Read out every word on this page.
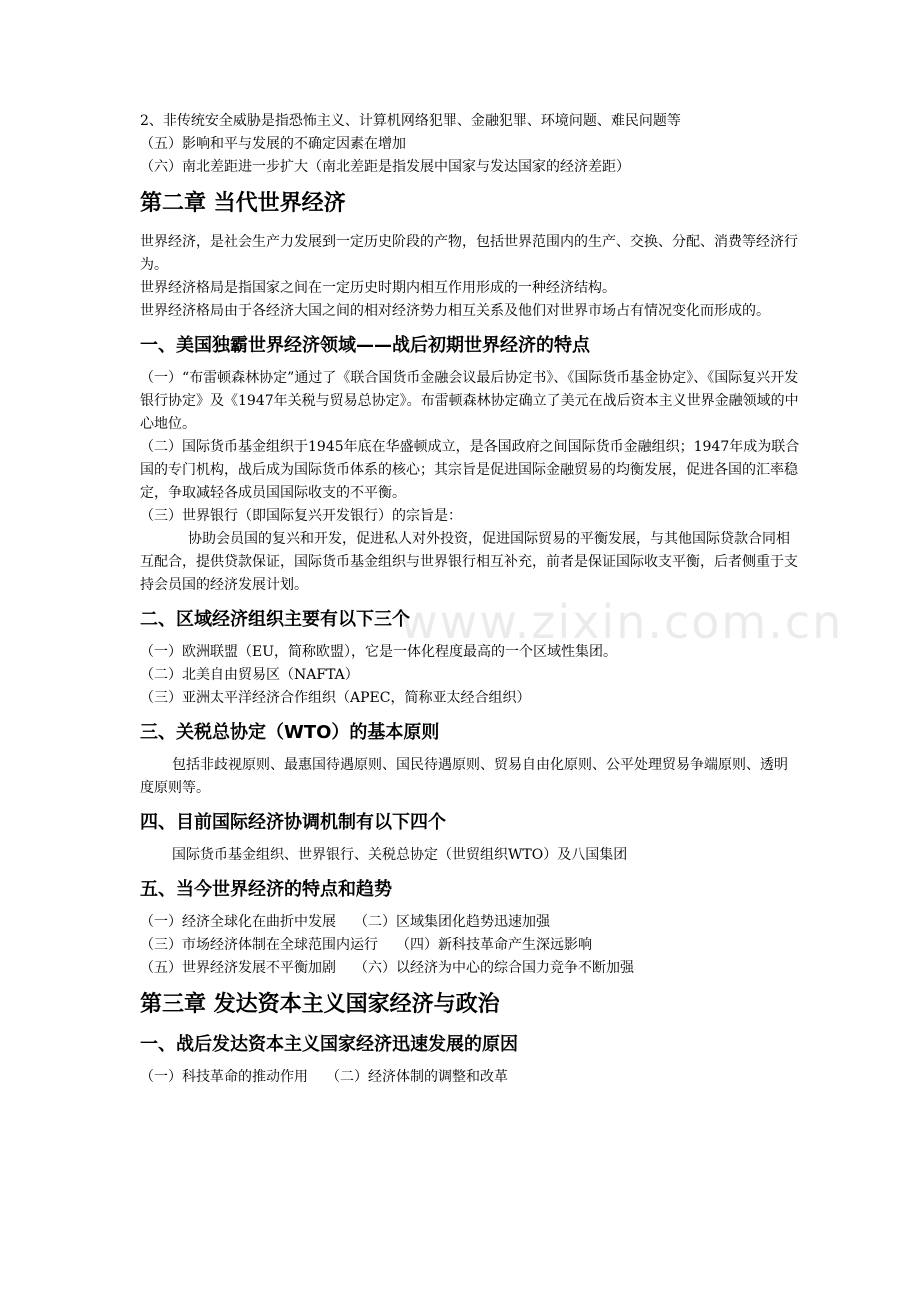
www.zixin.com.cn

2、非传统安全威胁是指恐怖主义、计算机网络犯罪、金融犯罪、环境问题、难民问题等

（五）影响和平与发展的不确定因素在增加

（六）南北差距进一步扩大（南北差距是指发展中国家与发达国家的经济差距）

第二章 当代世界经济

世界经济，是社会生产力发展到一定历史阶段的产物，包括世界范围内的生产、交换、分配、消费等经济行为。

世界经济格局是指国家之间在一定历史时期内相互作用形成的一种经济结构。

世界经济格局由于各经济大国之间的相对经济势力相互关系及他们对世界市场占有情况变化而形成的。

一、美国独霸世界经济领域——战后初期世界经济的特点

（一）“布雷顿森林协定”通过了《联合国货币金融会议最后协定书》、《国际货币基金协定》、《国际复兴开发银行协定》及《1947年关税与贸易总协定》。布雷顿森林协定确立了美元在战后资本主义世界金融领域的中心地位。

（二）国际货币基金组织于1945年底在华盛顿成立，是各国政府之间国际货币金融组织；1947年成为联合国的专门机构，战后成为国际货币体系的核心；其宗旨是促进国际金融贸易的均衡发展，促进各国的汇率稳定，争取减轻各成员国国际收支的不平衡。

（三）世界银行（即国际复兴开发银行）的宗旨是：

协助会员国的复兴和开发，促进私人对外投资，促进国际贸易的平衡发展，与其他国际贷款合同相互配合，提供贷款保证，国际货币基金组织与世界银行相互补充，前者是保证国际收支平衡，后者侧重于支持会员国的经济发展计划。

二、区域经济组织主要有以下三个

（一）欧洲联盟（EU，简称欧盟），它是一体化程度最高的一个区域性集团。

（二）北美自由贸易区（NAFTA）

（三）亚洲太平洋经济合作组织（APEC，简称亚太经合组织）

三、关税总协定（WTO）的基本原则

包括非歧视原则、最惠国待遇原则、国民待遇原则、贸易自由化原则、公平处理贸易争端原则、透明度原则等。

四、目前国际经济协调机制有以下四个

国际货币基金组织、世界银行、关税总协定（世贸组织WTO）及八国集团

五、当今世界经济的特点和趋势

（一）经济全球化在曲折中发展 （二）区域集团化趋势迅速加强

（三）市场经济体制在全球范围内运行 （四）新科技革命产生深远影响

（五）世界经济发展不平衡加剧 （六）以经济为中心的综合国力竞争不断加强

第三章 发达资本主义国家经济与政治
一、战后发达资本主义国家经济迅速发展的原因

（一）科技革命的推动作用 （二）经济体制的调整和改革
